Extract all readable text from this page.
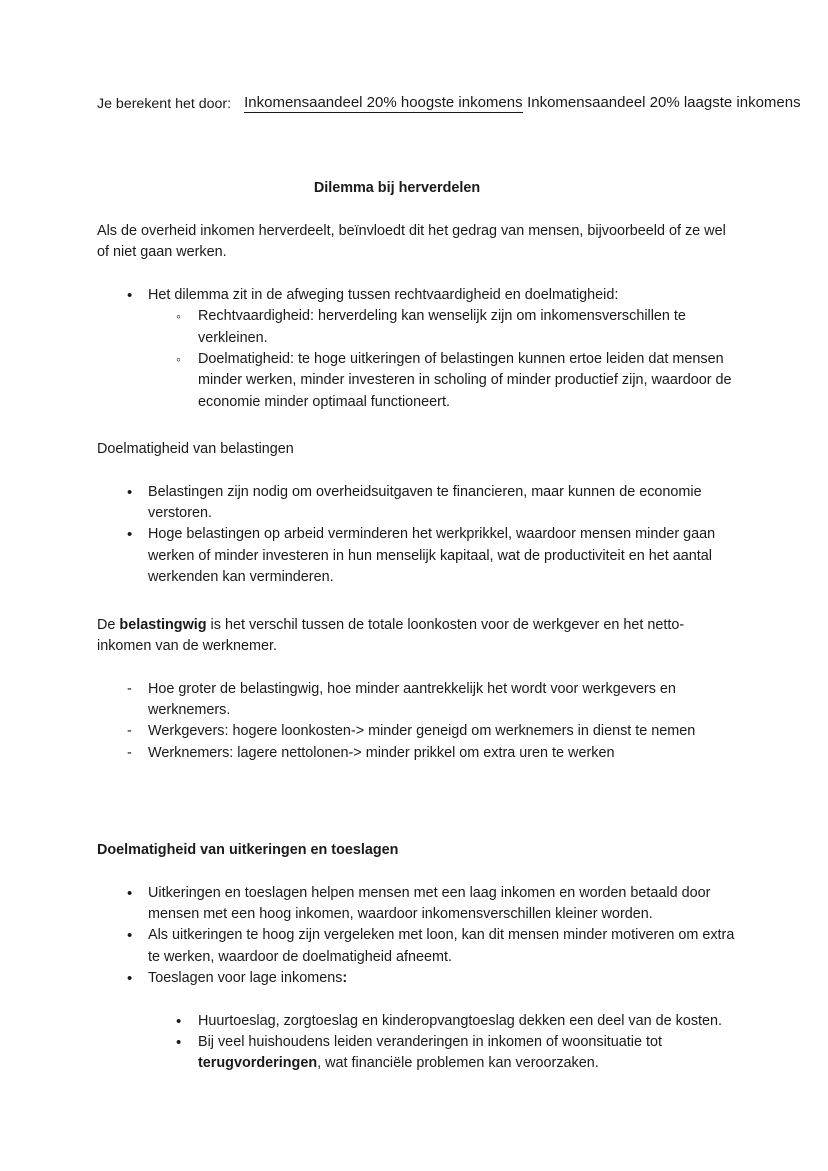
Je berekent het door: Inkomensaandeel 20% hoogste inkomens Inkomensaandeel 20% laagste inkomens
Dilemma bij herverdelen

Als de overheid inkomen herverdeelt, beïnvloedt dit het gedrag van mensen, bijvoorbeeld of ze wel of niet gaan werken.

•
Het dilemma zit in de afweging tussen rechtvaardigheid en doelmatigheid:
◦
Rechtvaardigheid: herverdeling kan wenselijk zijn om inkomensverschillen te verkleinen.
◦
Doelmatigheid: te hoge uitkeringen of belastingen kunnen ertoe leiden dat mensen minder werken, minder investeren in scholing of minder productief zijn, waardoor de economie minder optimaal functioneert.
Doelmatigheid van belastingen
•
Belastingen zijn nodig om overheidsuitgaven te financieren, maar kunnen de economie verstoren.
•
Hoge belastingen op arbeid verminderen het werkprikkel, waardoor mensen minder gaan werken of minder investeren in hun menselijk kapitaal, wat de productiviteit en het aantal werkenden kan verminderen.

De belastingwig is het verschil tussen de totale loonkosten voor de werkgever en het netto-inkomen van de werknemer.

-
Hoe groter de belastingwig, hoe minder aantrekkelijk het wordt voor werkgevers en werknemers.
-
Werkgevers: hogere loonkosten-> minder geneigd om werknemers in dienst te nemen
-
Werknemers: lagere nettolonen-> minder prikkel om extra uren te werken
Doelmatigheid van uitkeringen en toeslagen
•
Uitkeringen en toeslagen helpen mensen met een laag inkomen en worden betaald door mensen met een hoog inkomen, waardoor inkomensverschillen kleiner worden.
•
Als uitkeringen te hoog zijn vergeleken met loon, kan dit mensen minder motiveren om extra te werken, waardoor de doelmatigheid afneemt.
•
Toeslagen voor lage inkomens:
•
Huurtoeslag, zorgtoeslag en kinderopvangtoeslag dekken een deel van de kosten.
•
Bij veel huishoudens leiden veranderingen in inkomen of woonsituatie tot terugvorderingen, wat financiële problemen kan veroorzaken.
